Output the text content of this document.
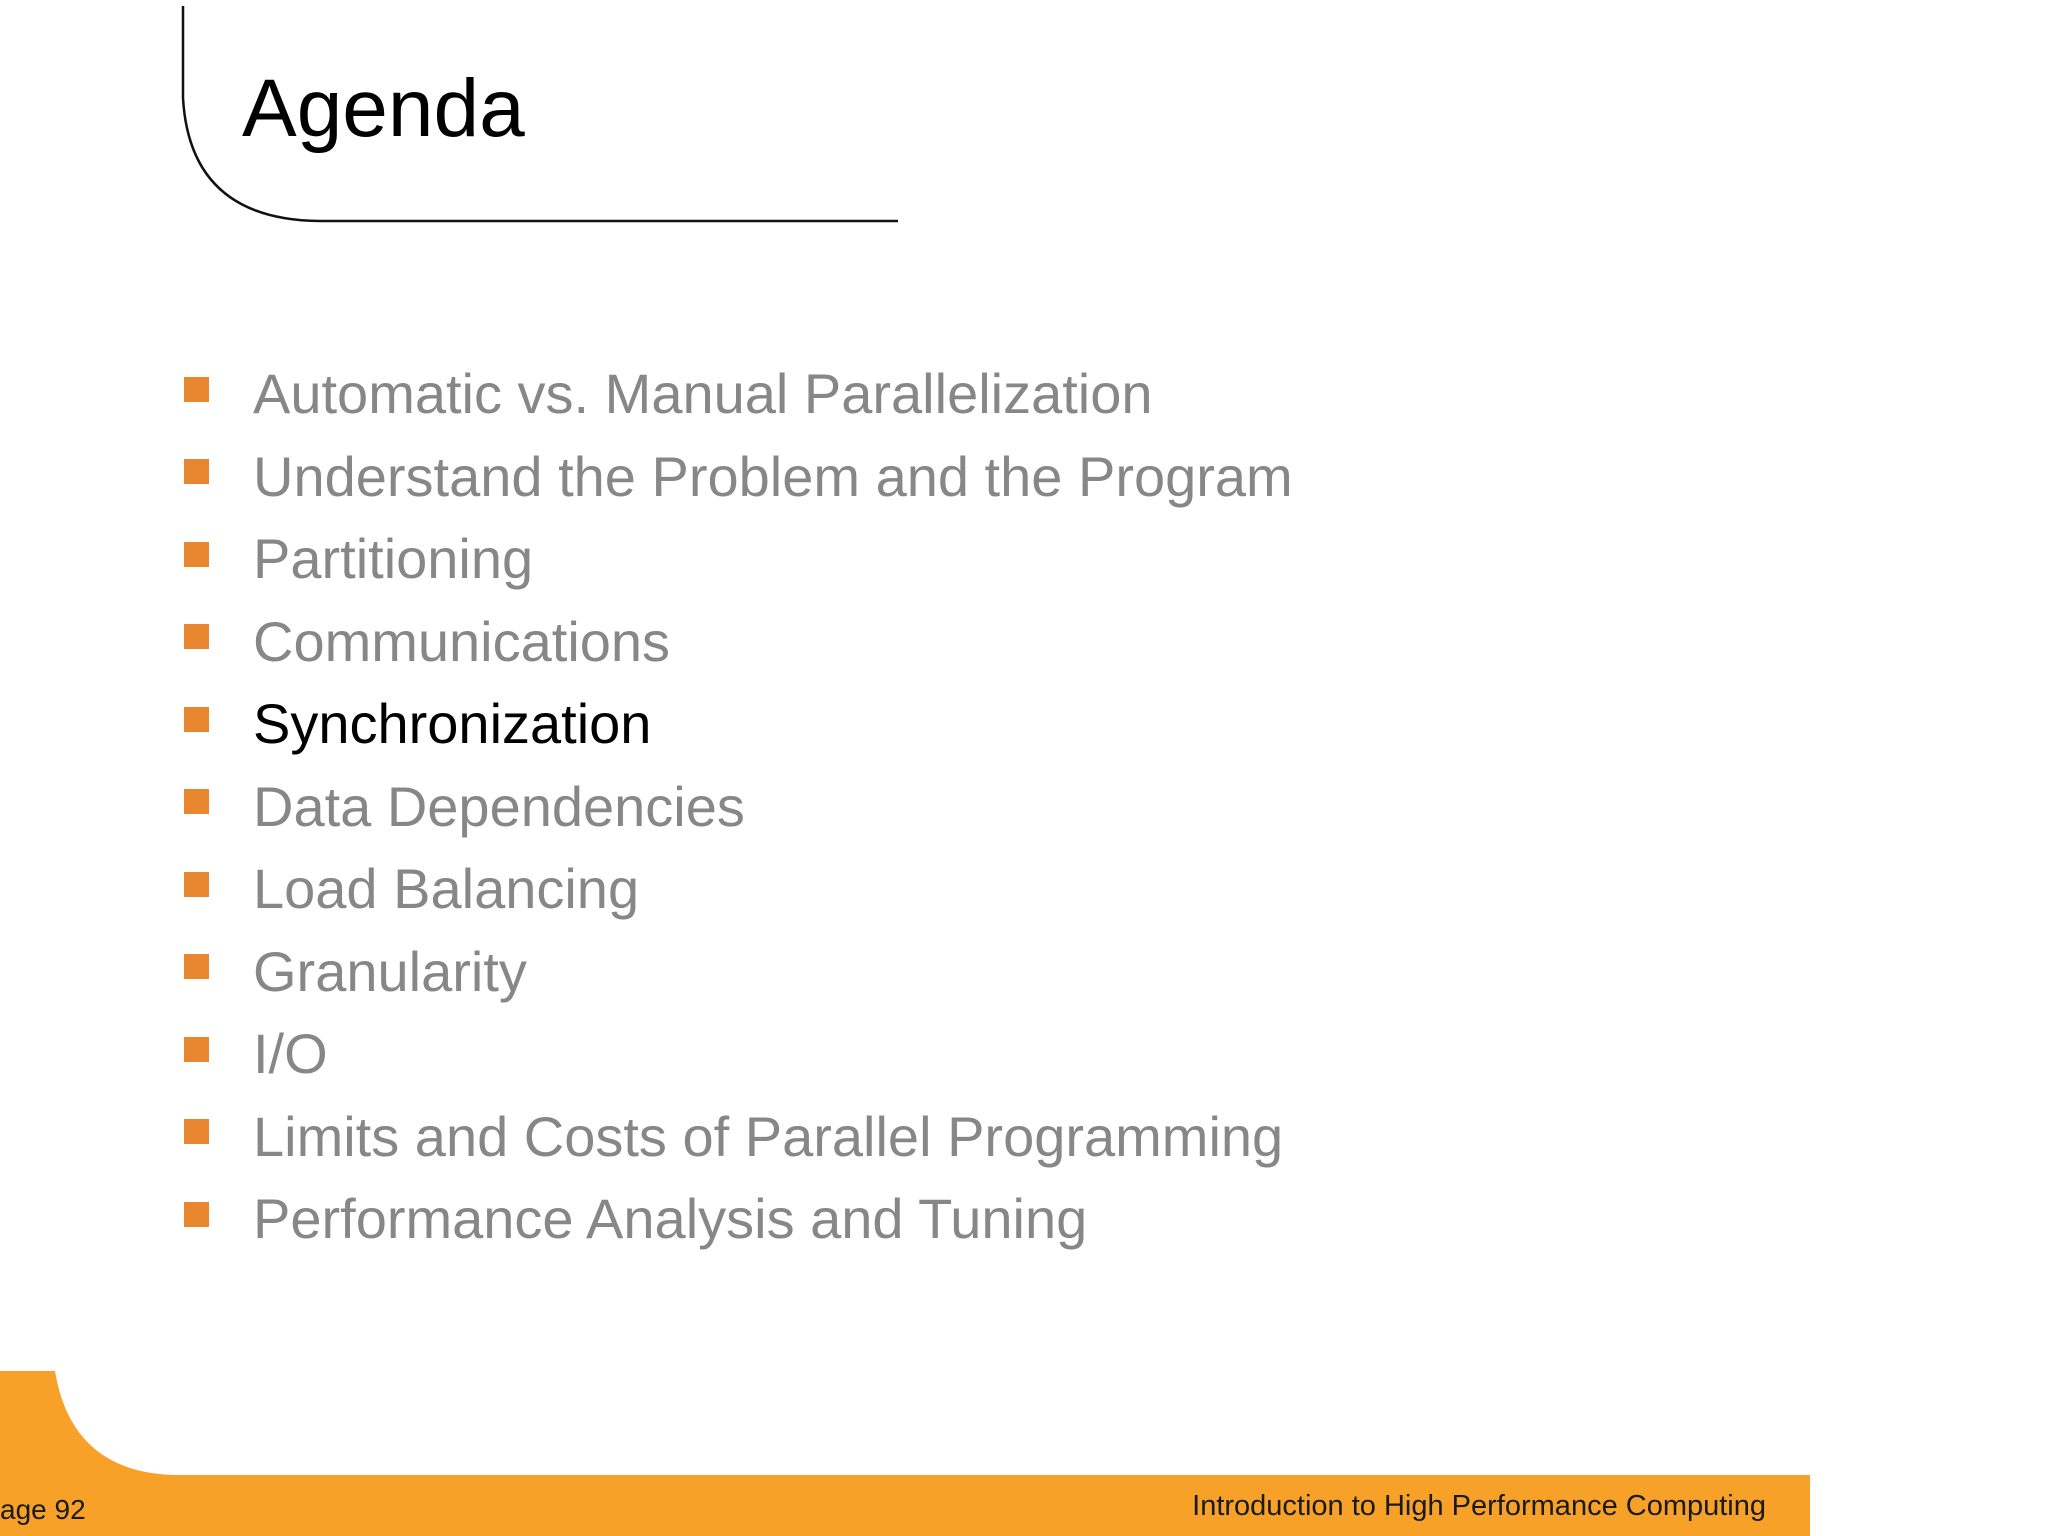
Agenda
Automatic vs. Manual Parallelization
Understand the Problem and the Program
Partitioning
Communications
Synchronization
Data Dependencies
Load Balancing
Granularity
I/O
Limits and Costs of Parallel Programming
Performance Analysis and Tuning
age 92	Introduction to High Performance Computing
